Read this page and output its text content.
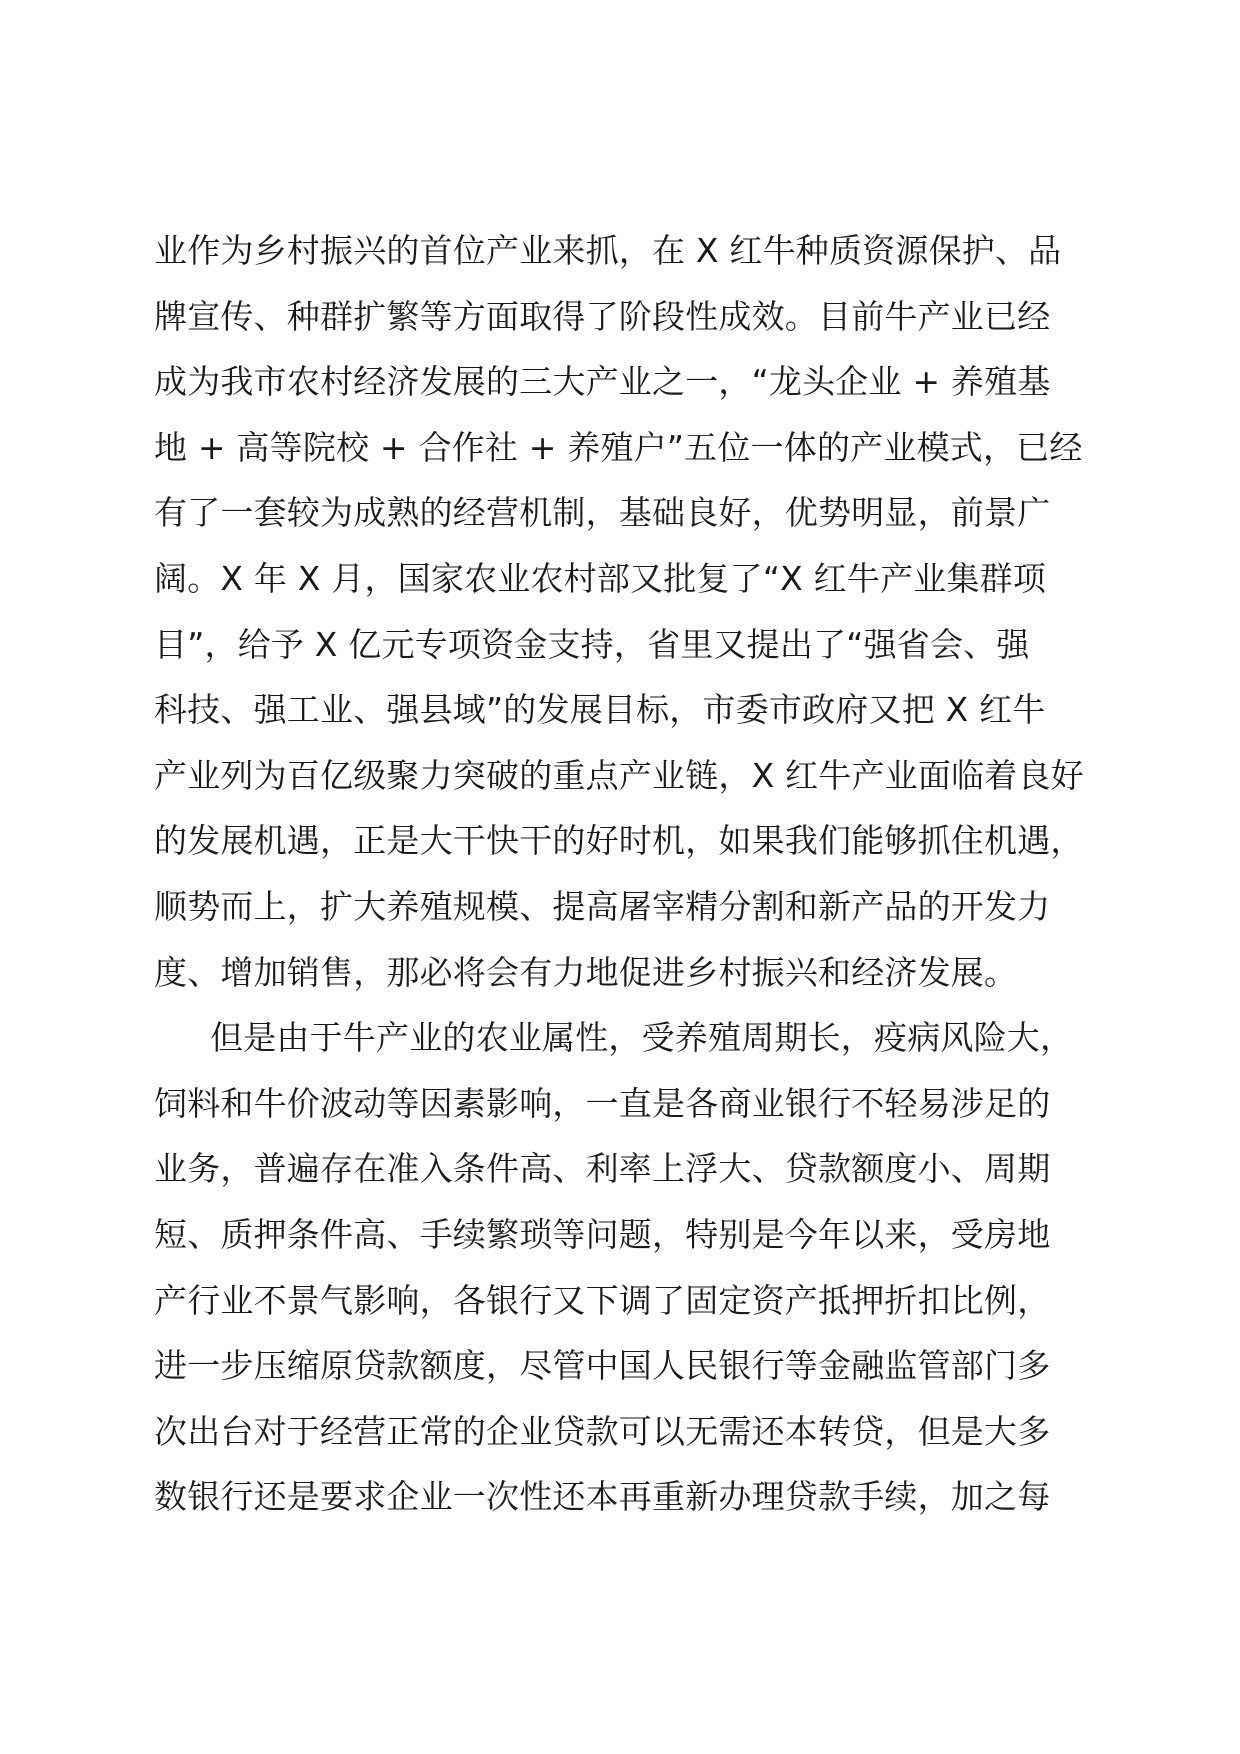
业作为乡村振兴的首位产业来抓，在 X 红牛种质资源保护、品
牌宣传、种群扩繁等方面取得了阶段性成效。目前牛产业已经
成为我市农村经济发展的三大产业之一，“龙头企业 + 养殖基
地 + 高等院校 + 合作社 + 养殖户”五位一体的产业模式，已经
有了一套较为成熟的经营机制，基础良好，优势明显，前景广
阔。X 年 X 月，国家农业农村部又批复了“X 红牛产业集群项
目”，给予 X 亿元专项资金支持，省里又提出了“强省会、强
科技、强工业、强县域”的发展目标，市委市政府又把 X 红牛
产业列为百亿级聚力突破的重点产业链，X 红牛产业面临着良好
的发展机遇，正是大干快干的好时机，如果我们能够抓住机遇，
顺势而上，扩大养殖规模、提高屠宰精分割和新产品的开发力
度、增加销售，那必将会有力地促进乡村振兴和经济发展。
但是由于牛产业的农业属性，受养殖周期长，疫病风险大，
饲料和牛价波动等因素影响，一直是各商业银行不轻易涉足的
业务，普遍存在准入条件高、利率上浮大、贷款额度小、周期
短、质押条件高、手续繁琐等问题，特别是今年以来，受房地
产行业不景气影响，各银行又下调了固定资产抵押折扣比例，
进一步压缩原贷款额度，尽管中国人民银行等金融监管部门多
次出台对于经营正常的企业贷款可以无需还本转贷，但是大多
数银行还是要求企业一次性还本再重新办理贷款手续，加之每
